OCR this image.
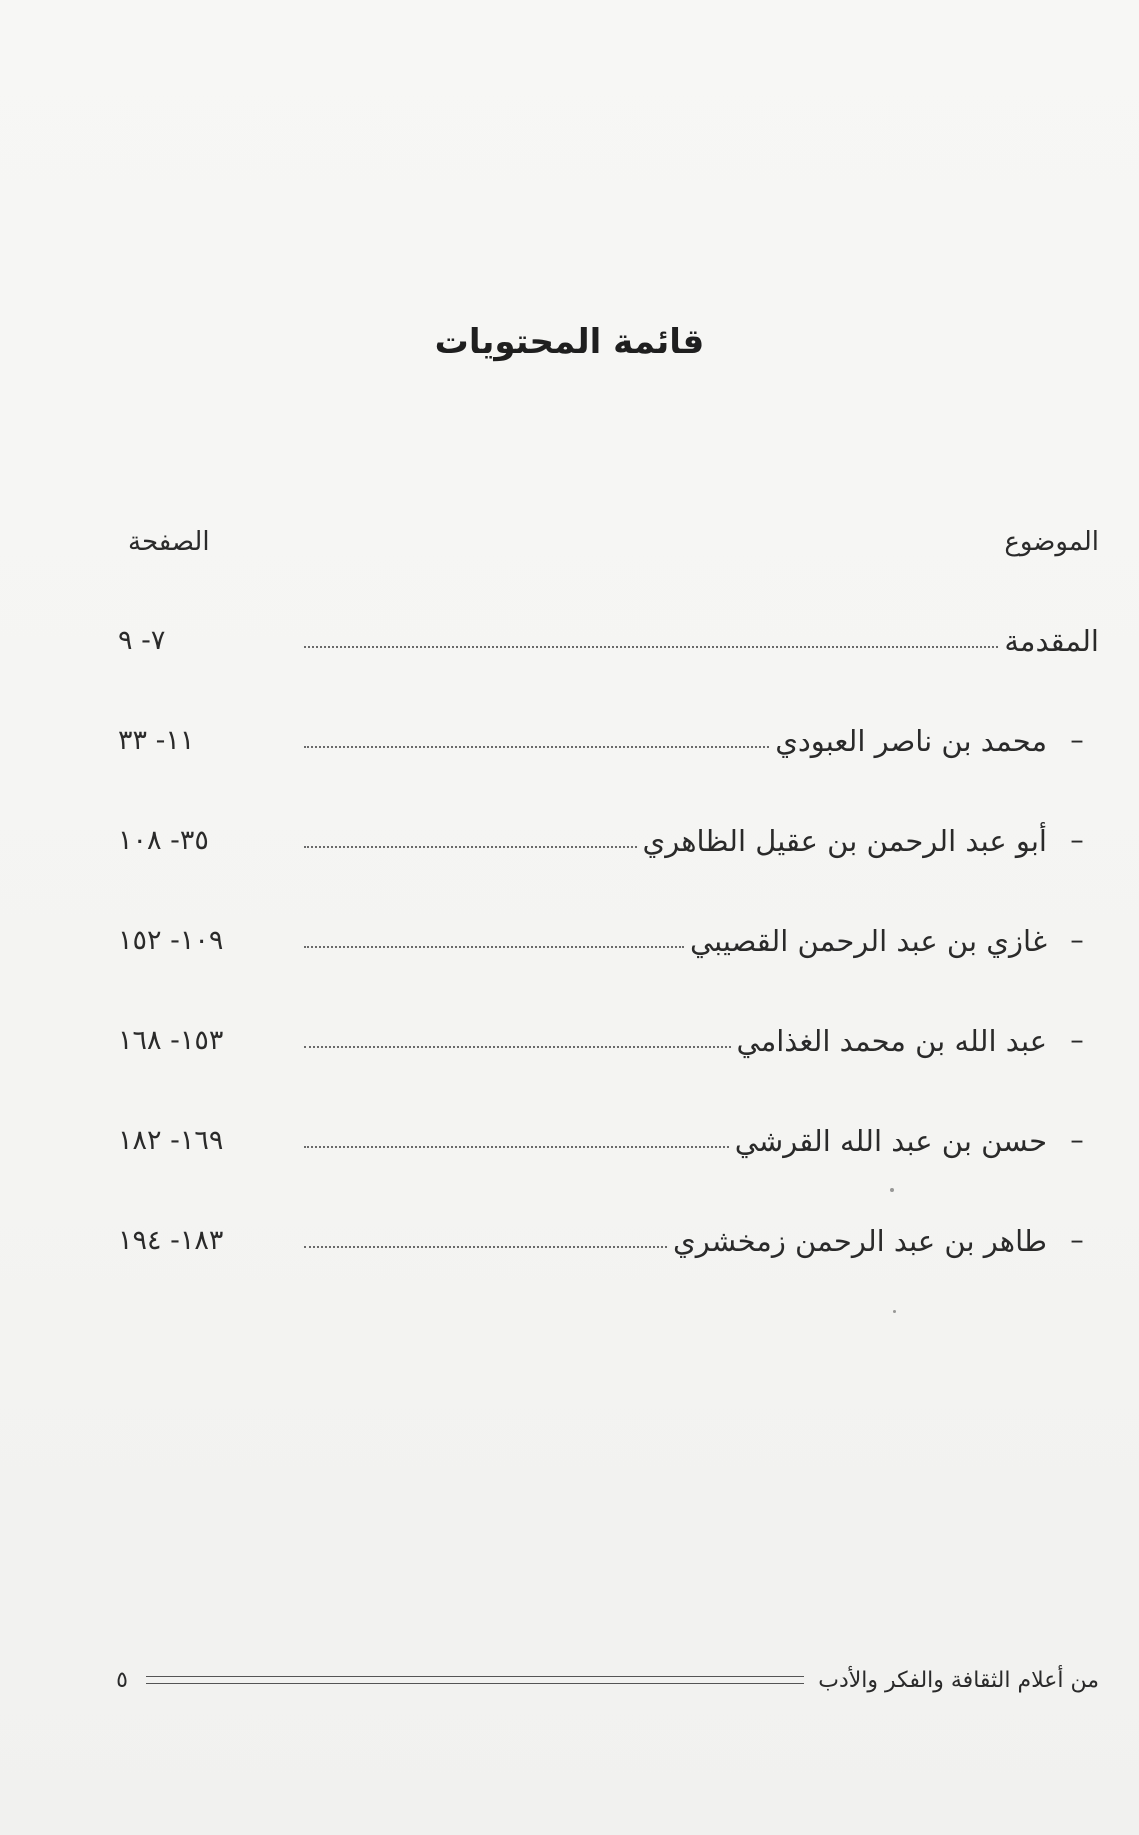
قائمة المحتويات
الموضوع
الصفحة
المقدمة
٧- ٩
–
محمد بن ناصر العبودي
١١- ٣٣
–
أبو عبد الرحمن بن عقيل الظاهري
٣٥- ١٠٨
–
غازي بن عبد الرحمن القصيبي
١٠٩- ١٥٢
–
عبد الله بن محمد الغذامي
١٥٣- ١٦٨
–
حسن بن عبد الله القرشي
١٦٩- ١٨٢
–
طاهر بن عبد الرحمن زمخشري
١٨٣- ١٩٤
من أعلام الثقافة والفكر والأدب
٥
